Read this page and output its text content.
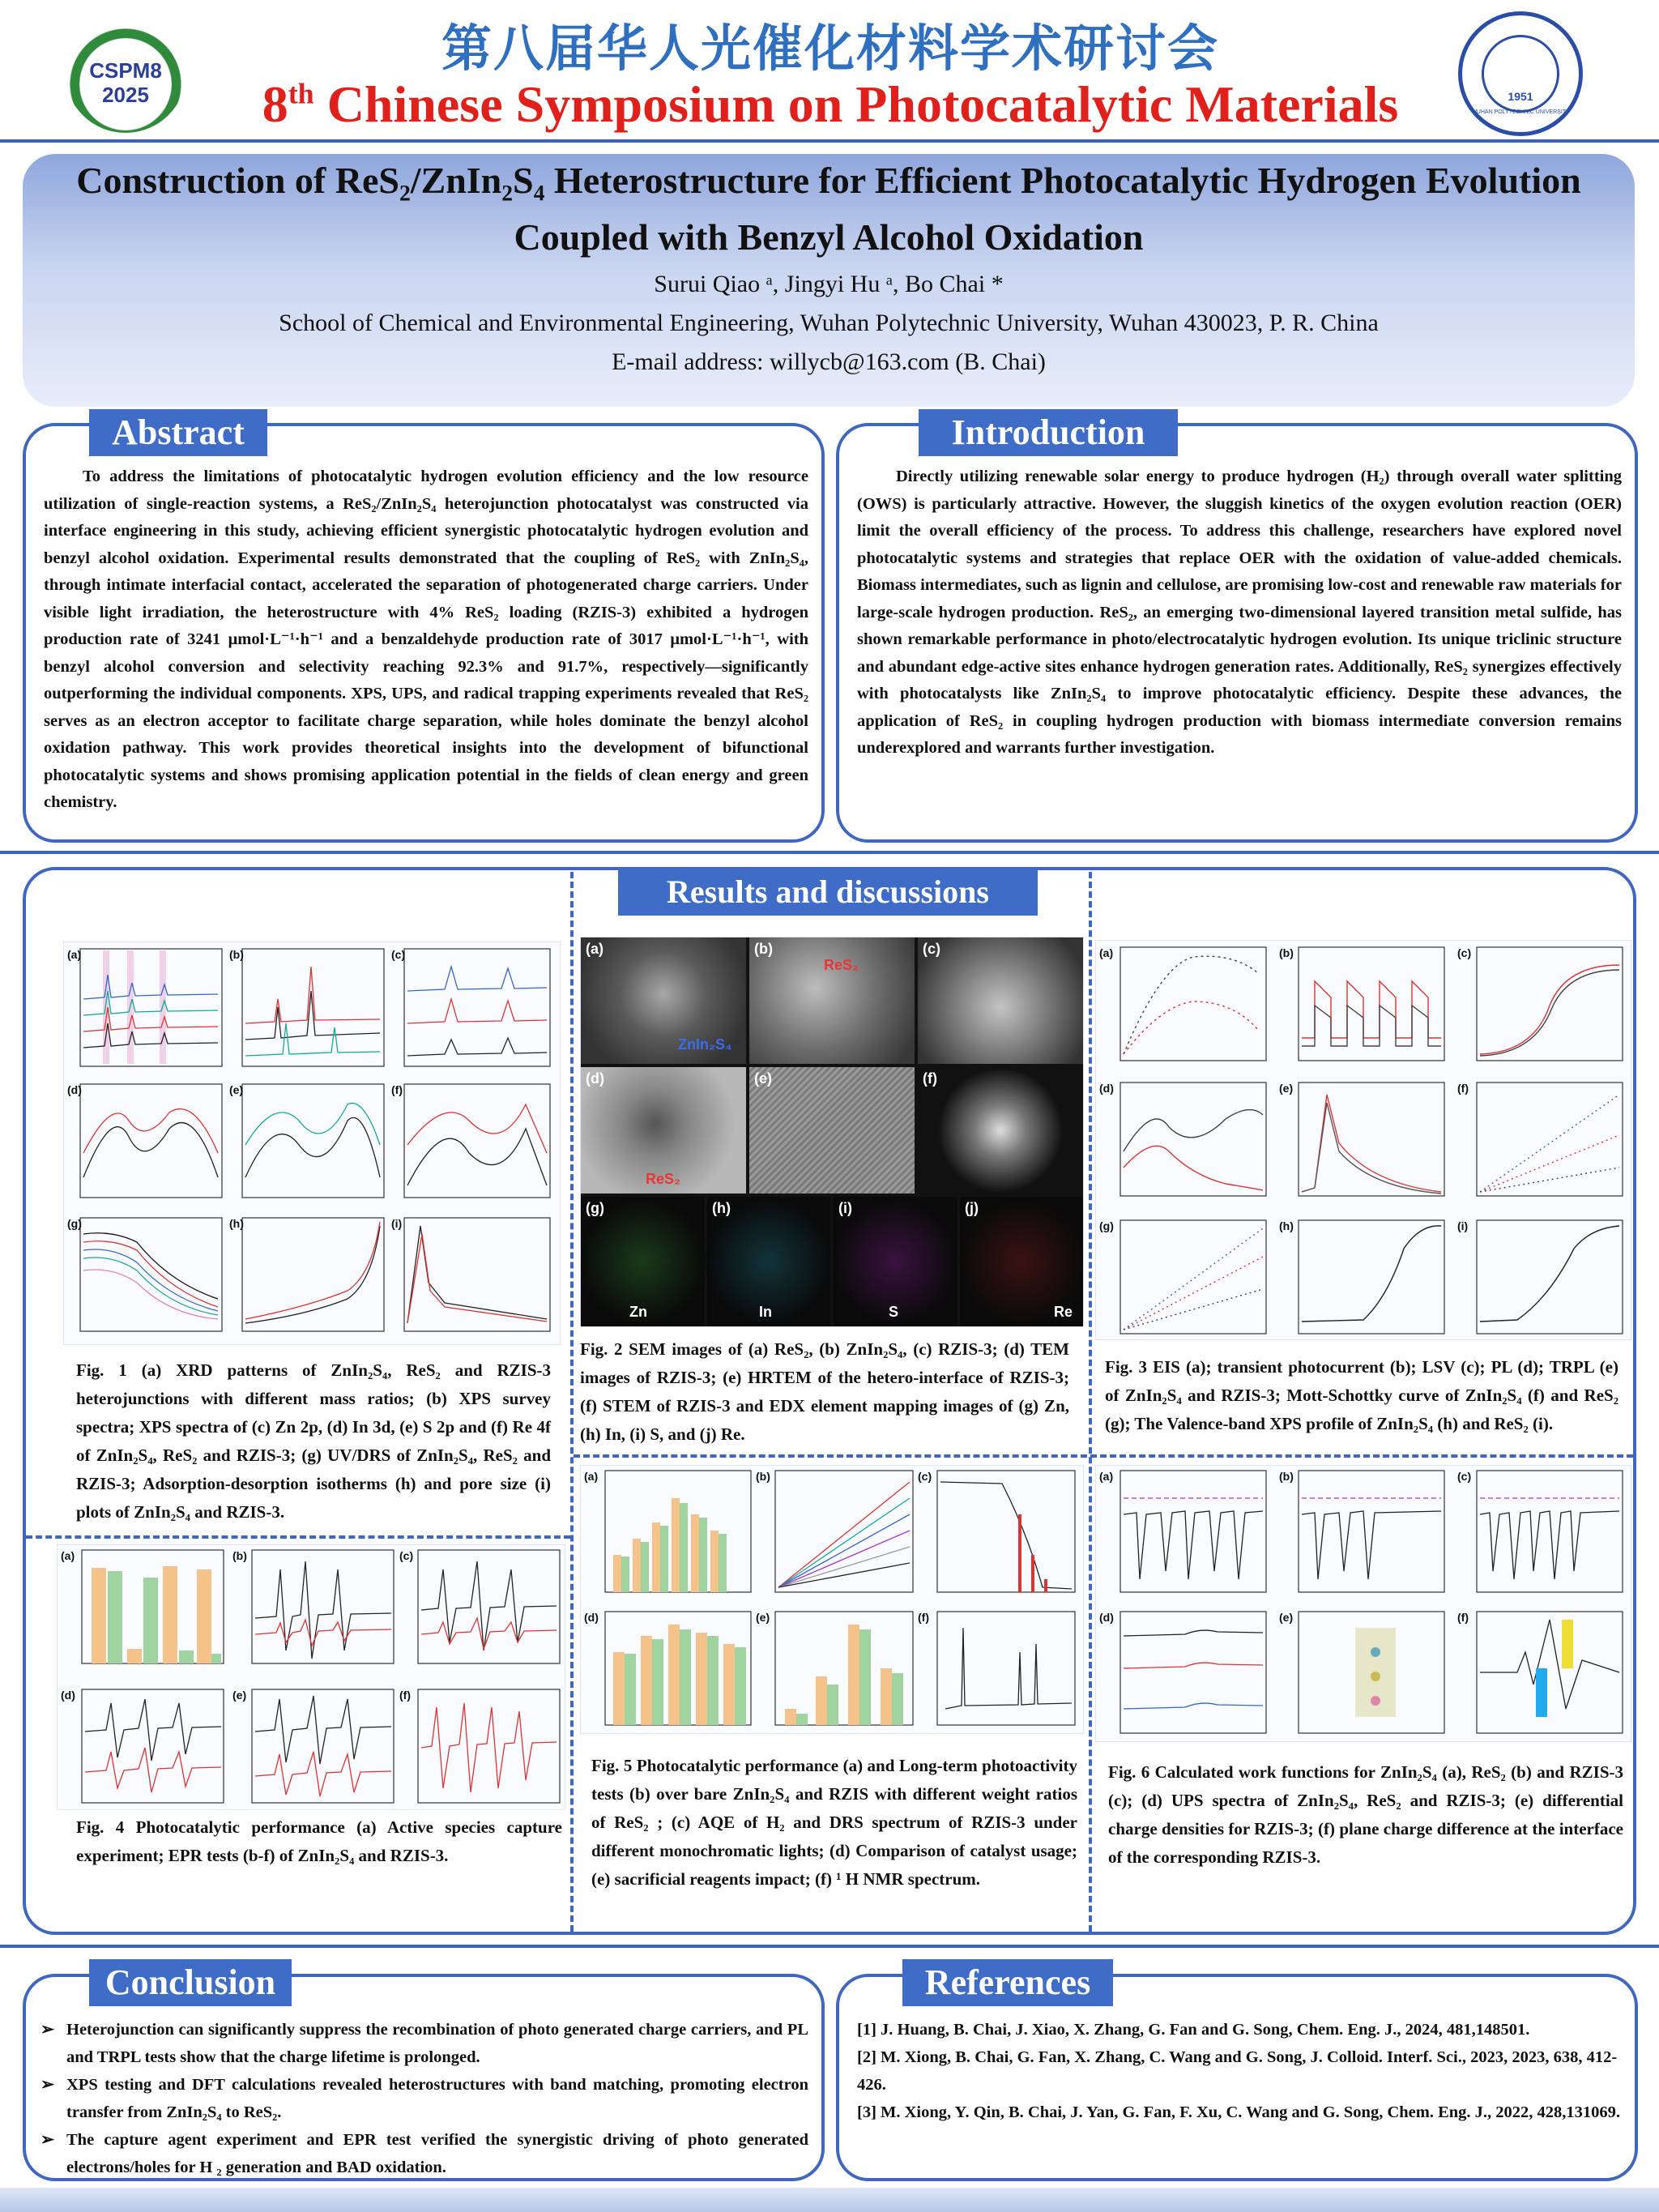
CSPM8
2025
第八届华人光催化材料学术研讨会
8th Chinese Symposium on Photocatalytic Materials	1951
WUHAN POLYTECHNIC UNIVERSITY
Construction of ReS₂/ZnIn₂S₄ Heterostructure for Efficient Photocatalytic Hydrogen Evolution
Coupled with Benzyl Alcohol Oxidation
Surui Qiao ᵃ, Jingyi Hu ᵃ, Bo Chai *
School of Chemical and Environmental Engineering, Wuhan Polytechnic University, Wuhan 430023, P. R. China
E-mail address: willycb@163.com (B. Chai)
Abstract
To address the limitations of photocatalytic hydrogen evolution efficiency and the low resource utilization of single-reaction systems, a ReS₂/ZnIn₂S₄ heterojunction photocatalyst was constructed via interface engineering in this study, achieving efficient synergistic photocatalytic hydrogen evolution and benzyl alcohol oxidation. Experimental results demonstrated that the coupling of ReS₂ with ZnIn₂S₄, through intimate interfacial contact, accelerated the separation of photogenerated charge carriers. Under visible light irradiation, the heterostructure with 4% ReS₂ loading (RZIS-3) exhibited a hydrogen production rate of 3241 μmol·L⁻¹·h⁻¹ and a benzaldehyde production rate of 3017 μmol·L⁻¹·h⁻¹, with benzyl alcohol conversion and selectivity reaching 92.3% and 91.7%, respectively—significantly outperforming the individual components. XPS, UPS, and radical trapping experiments revealed that ReS₂ serves as an electron acceptor to facilitate charge separation, while holes dominate the benzyl alcohol oxidation pathway. This work provides theoretical insights into the development of bifunctional photocatalytic systems and shows promising application potential in the fields of clean energy and green chemistry.
Introduction
Directly utilizing renewable solar energy to produce hydrogen (H₂) through overall water splitting (OWS) is particularly attractive. However, the sluggish kinetics of the oxygen evolution reaction (OER) limit the overall efficiency of the process. To address this challenge, researchers have explored novel photocatalytic systems and strategies that replace OER with the oxidation of value-added chemicals. Biomass intermediates, such as lignin and cellulose, are promising low-cost and renewable raw materials for large-scale hydrogen production. ReS₂, an emerging two-dimensional layered transition metal sulfide, has shown remarkable performance in photo/electrocatalytic hydrogen evolution. Its unique triclinic structure and abundant edge-active sites enhance hydrogen generation rates. Additionally, ReS₂ synergizes effectively with photocatalysts like ZnIn₂S₄ to improve photocatalytic efficiency. Despite these advances, the application of ReS₂ in coupling hydrogen production with biomass intermediate conversion remains underexplored and warrants further investigation.
Results and discussions
(a)	(b)	(c)
(d)	(e)	(f)
(g)	(h)	(i)
Fig. 1 (a) XRD patterns of ZnIn₂S₄, ReS₂ and RZIS-3 heterojunctions with different mass ratios; (b) XPS survey spectra; XPS spectra of (c) Zn 2p, (d) In 3d, (e) S 2p and (f) Re 4f of ZnIn₂S₄, ReS₂ and RZIS-3; (g) UV/DRS of ZnIn₂S₄, ReS₂ and RZIS-3; Adsorption-desorption isotherms (h) and pore size (i) plots of ZnIn₂S₄ and RZIS-3.
(a)	(b)	(c)
(d)	(e)	(f)
(g)	(h)	(i)	(j)
ReS₂
ZnIn₂S₄
ReS₂
Zn	In	S	Re
Fig. 2 SEM images of (a) ReS₂, (b) ZnIn₂S₄, (c) RZIS-3; (d) TEM images of RZIS-3; (e) HRTEM of the hetero-interface of RZIS-3; (f) STEM of RZIS-3 and EDX element mapping images of (g) Zn, (h) In, (i) S, and (j) Re.
(a)	(b)	(c)
(d)	(e)	(f)
(g)	(h)	(i)
Fig. 3 EIS (a); transient photocurrent (b); LSV (c); PL (d); TRPL (e) of ZnIn₂S₄ and RZIS-3; Mott-Schottky curve of ZnIn₂S₄ (f) and ReS₂ (g); The Valence-band XPS profile of ZnIn₂S₄ (h) and ReS₂ (i).
(a)	(b)	(c)
(d)	(e)	(f)
Fig. 4 Photocatalytic performance (a) Active species capture experiment; EPR tests (b-f) of ZnIn₂S₄ and RZIS-3.
(a)	(b)	(c)
(d)	(e)	(f)
Fig. 5 Photocatalytic performance (a) and Long-term photoactivity tests (b) over bare ZnIn₂S₄ and RZIS with different weight ratios of ReS₂ ; (c) AQE of H₂ and DRS spectrum of RZIS-3 under different monochromatic lights; (d) Comparison of catalyst usage; (e) sacrificial reagents impact; (f) ¹ H NMR spectrum.
(a)	(b)	(c)
(d)	(e)	(f)
Fig. 6 Calculated work functions for ZnIn₂S₄ (a), ReS₂ (b) and RZIS-3 (c); (d) UPS spectra of ZnIn₂S₄, ReS₂ and RZIS-3; (e) differential charge densities for RZIS-3; (f) plane charge difference at the interface of the corresponding RZIS-3.
Conclusion
➢ Heterojunction can significantly suppress the recombination of photo generated charge carriers, and PL and TRPL tests show that the charge lifetime is prolonged.
➢ XPS testing and DFT calculations revealed heterostructures with band matching, promoting electron transfer from ZnIn₂S₄ to ReS₂.
➢ The capture agent experiment and EPR test verified the synergistic driving of photo generated electrons/holes for H ₂ generation and BAD oxidation.
References
[1] J. Huang, B. Chai, J. Xiao, X. Zhang, G. Fan and G. Song, Chem. Eng. J., 2024, 481,148501.
[2] M. Xiong, B. Chai, G. Fan, X. Zhang, C. Wang and G. Song, J. Colloid. Interf. Sci., 2023, 2023, 638, 412-426.
[3] M. Xiong, Y. Qin, B. Chai, J. Yan, G. Fan, F. Xu, C. Wang and G. Song, Chem. Eng. J., 2022, 428,131069.
